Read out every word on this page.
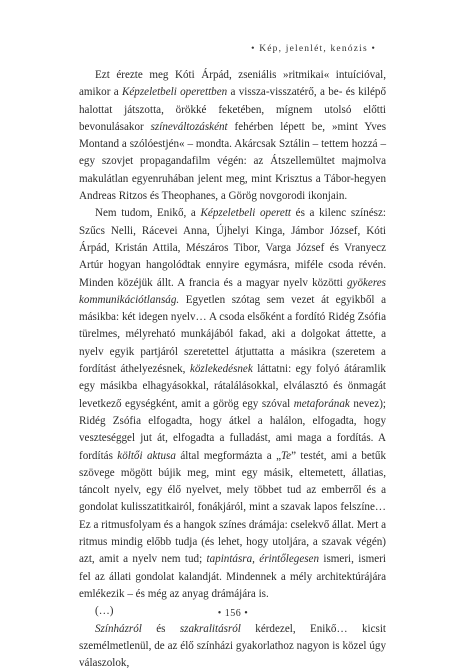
• Kép, jelenlét, kenózis •

Ezt érezte meg Kóti Árpád, zseniális »ritmikai« intuícióval, amikor a Képzeletbeli operettben a vissza-visszatérő, a be- és kilépő halottat játszotta, örökké feketében, mígnem utolsó előtti bevonulásakor színeváltozásként fehérben lépett be, »mint Yves Montand a szólóestjén« – mondta. Akárcsak Sztálin – tettem hozzá – egy szovjet propagandafilm végén: az Átszellemültet majmolva makulátlan egyenruhában jelent meg, mint Krisztus a Tábor-hegyen Andreas Ritzos és Theophanes, a Görög novgorodi ikonjain.

Nem tudom, Enikő, a Képzeletbeli operett és a kilenc színész: Szűcs Nelli, Rácevei Anna, Újhelyi Kinga, Jámbor József, Kóti Árpád, Kristán Attila, Mészáros Tibor, Varga József és Vranyecz Artúr hogyan hangolódtak ennyire egymásra, miféle csoda révén. Minden közéjük állt. A francia és a magyar nyelv közötti gyökeres kommunikációtlanság. Egyetlen szótag sem vezet át egyikből a másikba: két idegen nyelv… A csoda elsőként a fordító Ridég Zsófia türelmes, mélyreható munkájából fakad, aki a dolgokat áttette, a nyelv egyik partjáról szeretettel átjuttatta a másikra (szeretem a fordítást áthelyezésnek, közlekedésnek láttatni: egy folyó átáramlik egy másikba elhagyásokkal, rátalálásokkal, elválasztó és önmagát levetkező egységként, amit a görög egy szóval metaforának nevez); Ridég Zsófia elfogadta, hogy átkel a halálon, elfogadta, hogy veszteséggel jut át, elfogadta a fulladást, ami maga a fordítás. A fordítás költői aktusa által megformázta a „Te” testét, ami a betűk szövege mögött bújik meg, mint egy másik, eltemetett, állatias, táncolt nyelv, egy élő nyelvet, mely többet tud az emberről és a gondolat kulisszatitkairól, fonákjáról, mint a szavak lapos felszíne… Ez a ritmusfolyam és a hangok színes drámája: cselekvő állat. Mert a ritmus mindig előbb tudja (és lehet, hogy utoljára, a szavak végén) azt, amit a nyelv nem tud; tapintásra, érintőlegesen ismeri, ismeri fel az állati gondolat kalandját. Mindennek a mély architektúrájára emlékezik – és még az anyag drámájára is.

(…)

Színházról és szakralitásról kérdezel, Enikő… kicsit személmetlenül, de az élő színházi gyakorlathoz nagyon is közel úgy válaszolok,

• 156 •
